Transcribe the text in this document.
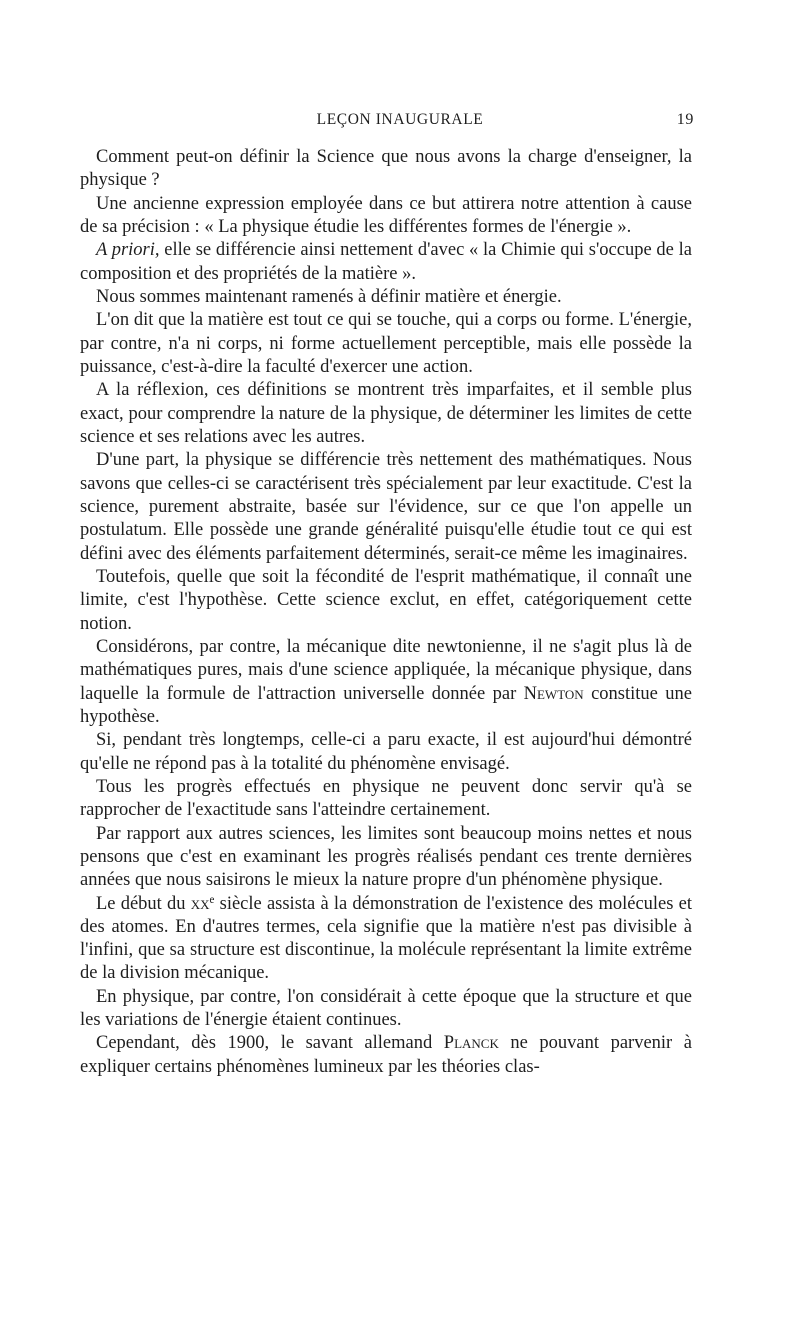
LEÇON INAUGURALE	19

Comment peut-on définir la Science que nous avons la charge d'enseigner, la physique ?

Une ancienne expression employée dans ce but attirera notre attention à cause de sa précision : « La physique étudie les différentes formes de l'énergie ».

A priori, elle se différencie ainsi nettement d'avec « la Chimie qui s'occupe de la composition et des propriétés de la matière ».

Nous sommes maintenant ramenés à définir matière et énergie.

L'on dit que la matière est tout ce qui se touche, qui a corps ou forme. L'énergie, par contre, n'a ni corps, ni forme actuellement perceptible, mais elle possède la puissance, c'est-à-dire la faculté d'exercer une action.

A la réflexion, ces définitions se montrent très imparfaites, et il semble plus exact, pour comprendre la nature de la physique, de déterminer les limites de cette science et ses relations avec les autres.

D'une part, la physique se différencie très nettement des mathématiques. Nous savons que celles-ci se caractérisent très spécialement par leur exactitude. C'est la science, purement abstraite, basée sur l'évidence, sur ce que l'on appelle un postulatum. Elle possède une grande généralité puisqu'elle étudie tout ce qui est défini avec des éléments parfaitement déterminés, serait-ce même les imaginaires.

Toutefois, quelle que soit la fécondité de l'esprit mathématique, il connaît une limite, c'est l'hypothèse. Cette science exclut, en effet, catégoriquement cette notion.

Considérons, par contre, la mécanique dite newtonienne, il ne s'agit plus là de mathématiques pures, mais d'une science appliquée, la mécanique physique, dans laquelle la formule de l'attraction universelle donnée par Newton constitue une hypothèse.

Si, pendant très longtemps, celle-ci a paru exacte, il est aujourd'hui démontré qu'elle ne répond pas à la totalité du phénomène envisagé.

Tous les progrès effectués en physique ne peuvent donc servir qu'à se rapprocher de l'exactitude sans l'atteindre certainement.

Par rapport aux autres sciences, les limites sont beaucoup moins nettes et nous pensons que c'est en examinant les progrès réalisés pendant ces trente dernières années que nous saisirons le mieux la nature propre d'un phénomène physique.

Le début du $xx^e$ siècle assista à la démonstration de l'existence des molécules et des atomes. En d'autres termes, cela signifie que la matière n'est pas divisible à l'infini, que sa structure est discontinue, la molécule représentant la limite extrême de la division mécanique.

En physique, par contre, l'on considérait à cette époque que la structure et que les variations de l'énergie étaient continues.

Cependant, dès 1900, le savant allemand Planck ne pouvant parvenir à expliquer certains phénomènes lumineux par les théories clas-
